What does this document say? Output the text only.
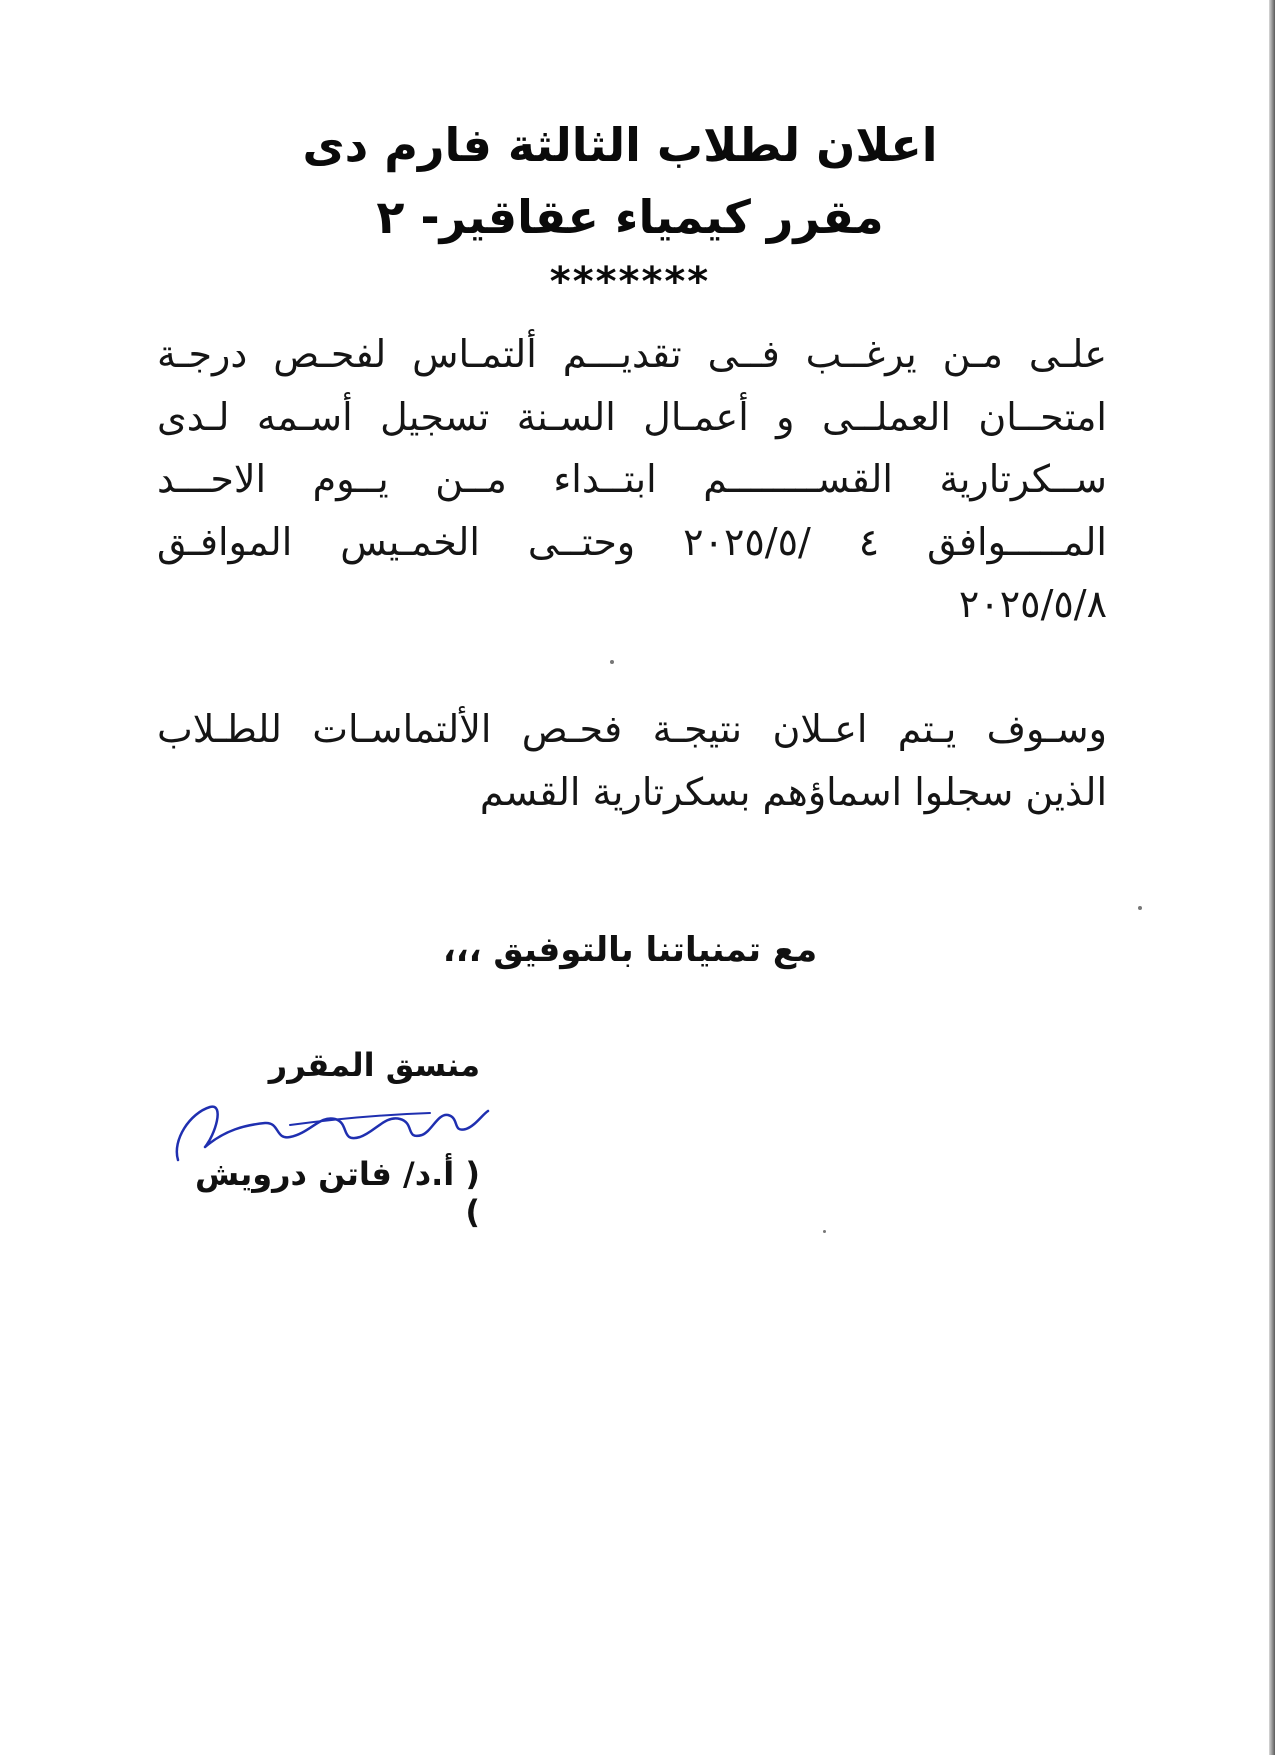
اعلان لطلاب الثالثة فارم دى
مقرر كيمياء عقاقير- ٢
*******
علـى مـن يرغــب فــى تقديـــم ألتمـاس لفحـص درجـة
امتحــان العملــى و أعمـال السـنة تسجيل أسـمه لـدى
ســكرتارية القســــــــم ابتــداء مــن يــوم الاحـــد
المـــــوافق ٤ /٢٠٢٥/٥ وحتــى الخمـيس الموافـق
٢٠٢٥/٥/٨
وسـوف يـتم اعـلان نتيجـة فحـص الألتماسـات للطـلاب
الذين سجلوا اسماؤهم بسكرتارية القسم
مع تمنياتنا بالتوفيق ،،،
منسق المقرر
( أ.د/ فاتن درويش )
